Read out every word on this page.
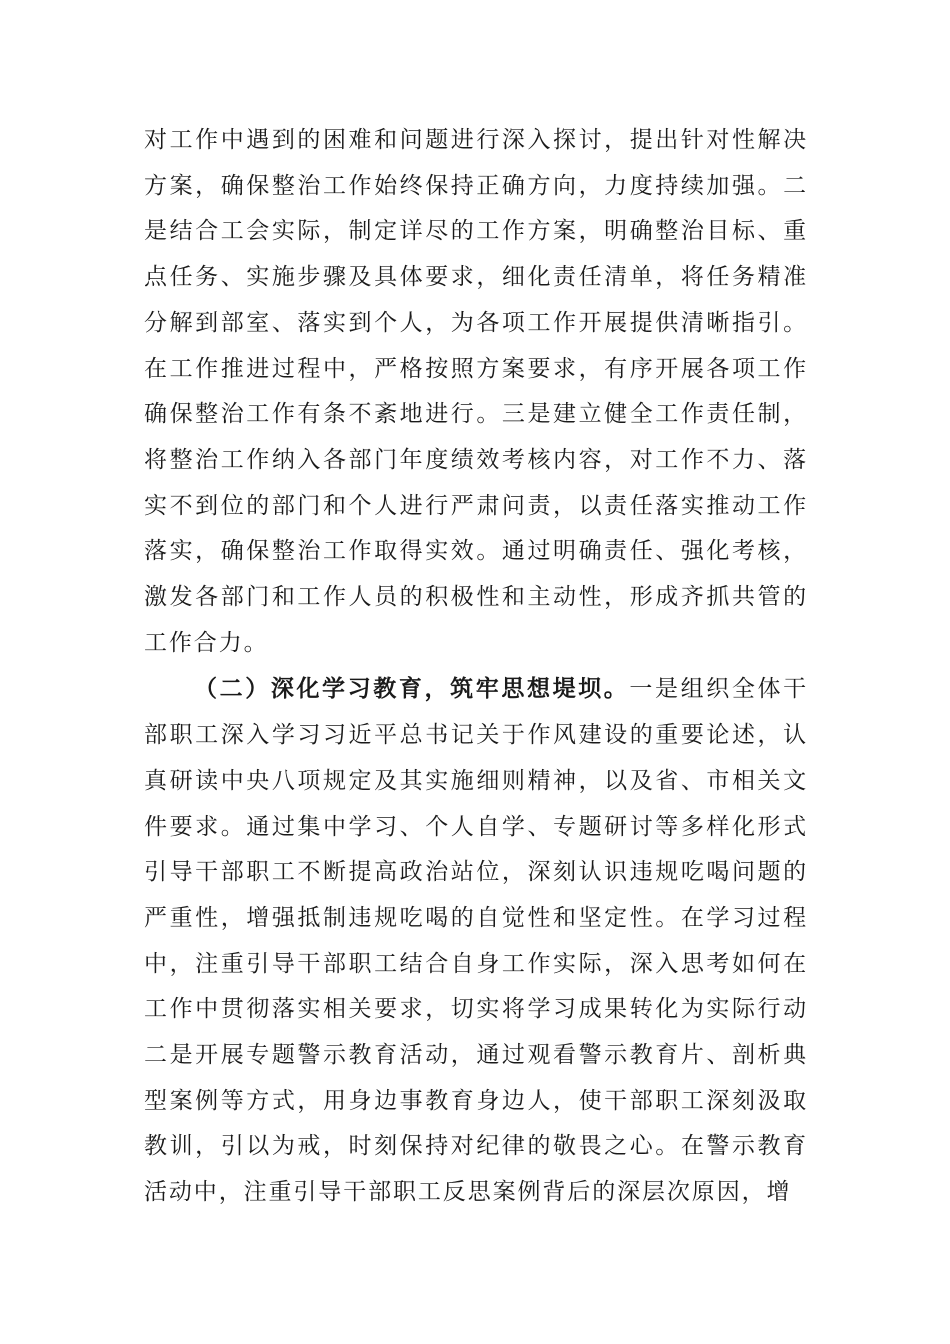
对工作中遇到的困难和问题进行深入探讨，提出针对性解决方案，确保整治工作始终保持正确方向，力度持续加强。二是结合工会实际，制定详尽的工作方案，明确整治目标、重点任务、实施步骤及具体要求，细化责任清单，将任务精准分解到部室、落实到个人，为各项工作开展提供清晰指引。在工作推进过程中，严格按照方案要求，有序开展各项工作确保整治工作有条不紊地进行。三是建立健全工作责任制，将整治工作纳入各部门年度绩效考核内容，对工作不力、落实不到位的部门和个人进行严肃问责，以责任落实推动工作落实，确保整治工作取得实效。通过明确责任、强化考核，激发各部门和工作人员的积极性和主动性，形成齐抓共管的工作合力。

（二）深化学习教育，筑牢思想堤坝。一是组织全体干部职工深入学习习近平总书记关于作风建设的重要论述，认真研读中央八项规定及其实施细则精神，以及省、市相关文件要求。通过集中学习、个人自学、专题研讨等多样化形式引导干部职工不断提高政治站位，深刻认识违规吃喝问题的严重性，增强抵制违规吃喝的自觉性和坚定性。在学习过程中，注重引导干部职工结合自身工作实际，深入思考如何在工作中贯彻落实相关要求，切实将学习成果转化为实际行动二是开展专题警示教育活动，通过观看警示教育片、剖析典型案例等方式，用身边事教育身边人，使干部职工深刻汲取教训，引以为戒，时刻保持对纪律的敬畏之心。在警示教育活动中，注重引导干部职工反思案例背后的深层次原因，增
